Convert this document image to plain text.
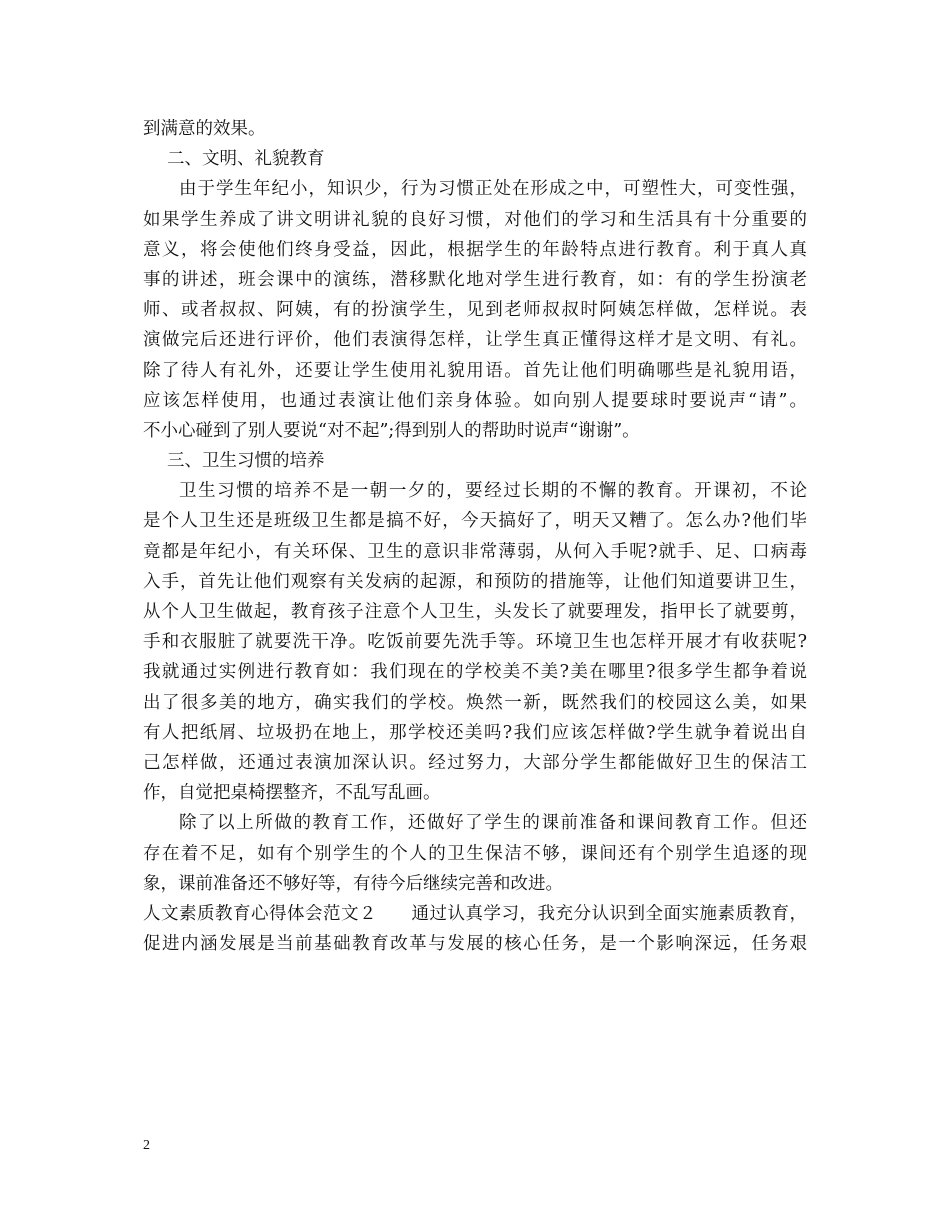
到满意的效果。
二、文明、礼貌教育
由于学生年纪小，知识少，行为习惯正处在形成之中，可塑性大，可变性强，
如果学生养成了讲文明讲礼貌的良好习惯，对他们的学习和生活具有十分重要的
意义，将会使他们终身受益，因此，根据学生的年龄特点进行教育。利于真人真
事的讲述，班会课中的演练，潜移默化地对学生进行教育，如：有的学生扮演老
师、或者叔叔、阿姨，有的扮演学生，见到老师叔叔时阿姨怎样做，怎样说。表
演做完后还进行评价，他们表演得怎样，让学生真正懂得这样才是文明、有礼。
除了待人有礼外，还要让学生使用礼貌用语。首先让他们明确哪些是礼貌用语，
应该怎样使用，也通过表演让他们亲身体验。如向别人提要球时要说声“请”。
不小心碰到了别人要说“对不起”;得到别人的帮助时说声“谢谢”。
三、卫生习惯的培养
卫生习惯的培养不是一朝一夕的，要经过长期的不懈的教育。开课初，不论
是个人卫生还是班级卫生都是搞不好，今天搞好了，明天又糟了。怎么办?他们毕
竟都是年纪小，有关环保、卫生的意识非常薄弱，从何入手呢?就手、足、口病毒
入手，首先让他们观察有关发病的起源，和预防的措施等，让他们知道要讲卫生，
从个人卫生做起，教育孩子注意个人卫生，头发长了就要理发，指甲长了就要剪，
手和衣服脏了就要洗干净。吃饭前要先洗手等。环境卫生也怎样开展才有收获呢?
我就通过实例进行教育如：我们现在的学校美不美?美在哪里?很多学生都争着说
出了很多美的地方，确实我们的学校。焕然一新，既然我们的校园这么美，如果
有人把纸屑、垃圾扔在地上，那学校还美吗?我们应该怎样做?学生就争着说出自
己怎样做，还通过表演加深认识。经过努力，大部分学生都能做好卫生的保洁工
作，自觉把桌椅摆整齐，不乱写乱画。
除了以上所做的教育工作，还做好了学生的课前准备和课间教育工作。但还
存在着不足，如有个别学生的个人的卫生保洁不够，课间还有个别学生追逐的现
象，课前准备还不够好等，有待今后继续完善和改进。
人文素质教育心得体会范文２ 通过认真学习，我充分认识到全面实施素质教育，
促进内涵发展是当前基础教育改革与发展的核心任务，是一个影响深远，任务艰
2
